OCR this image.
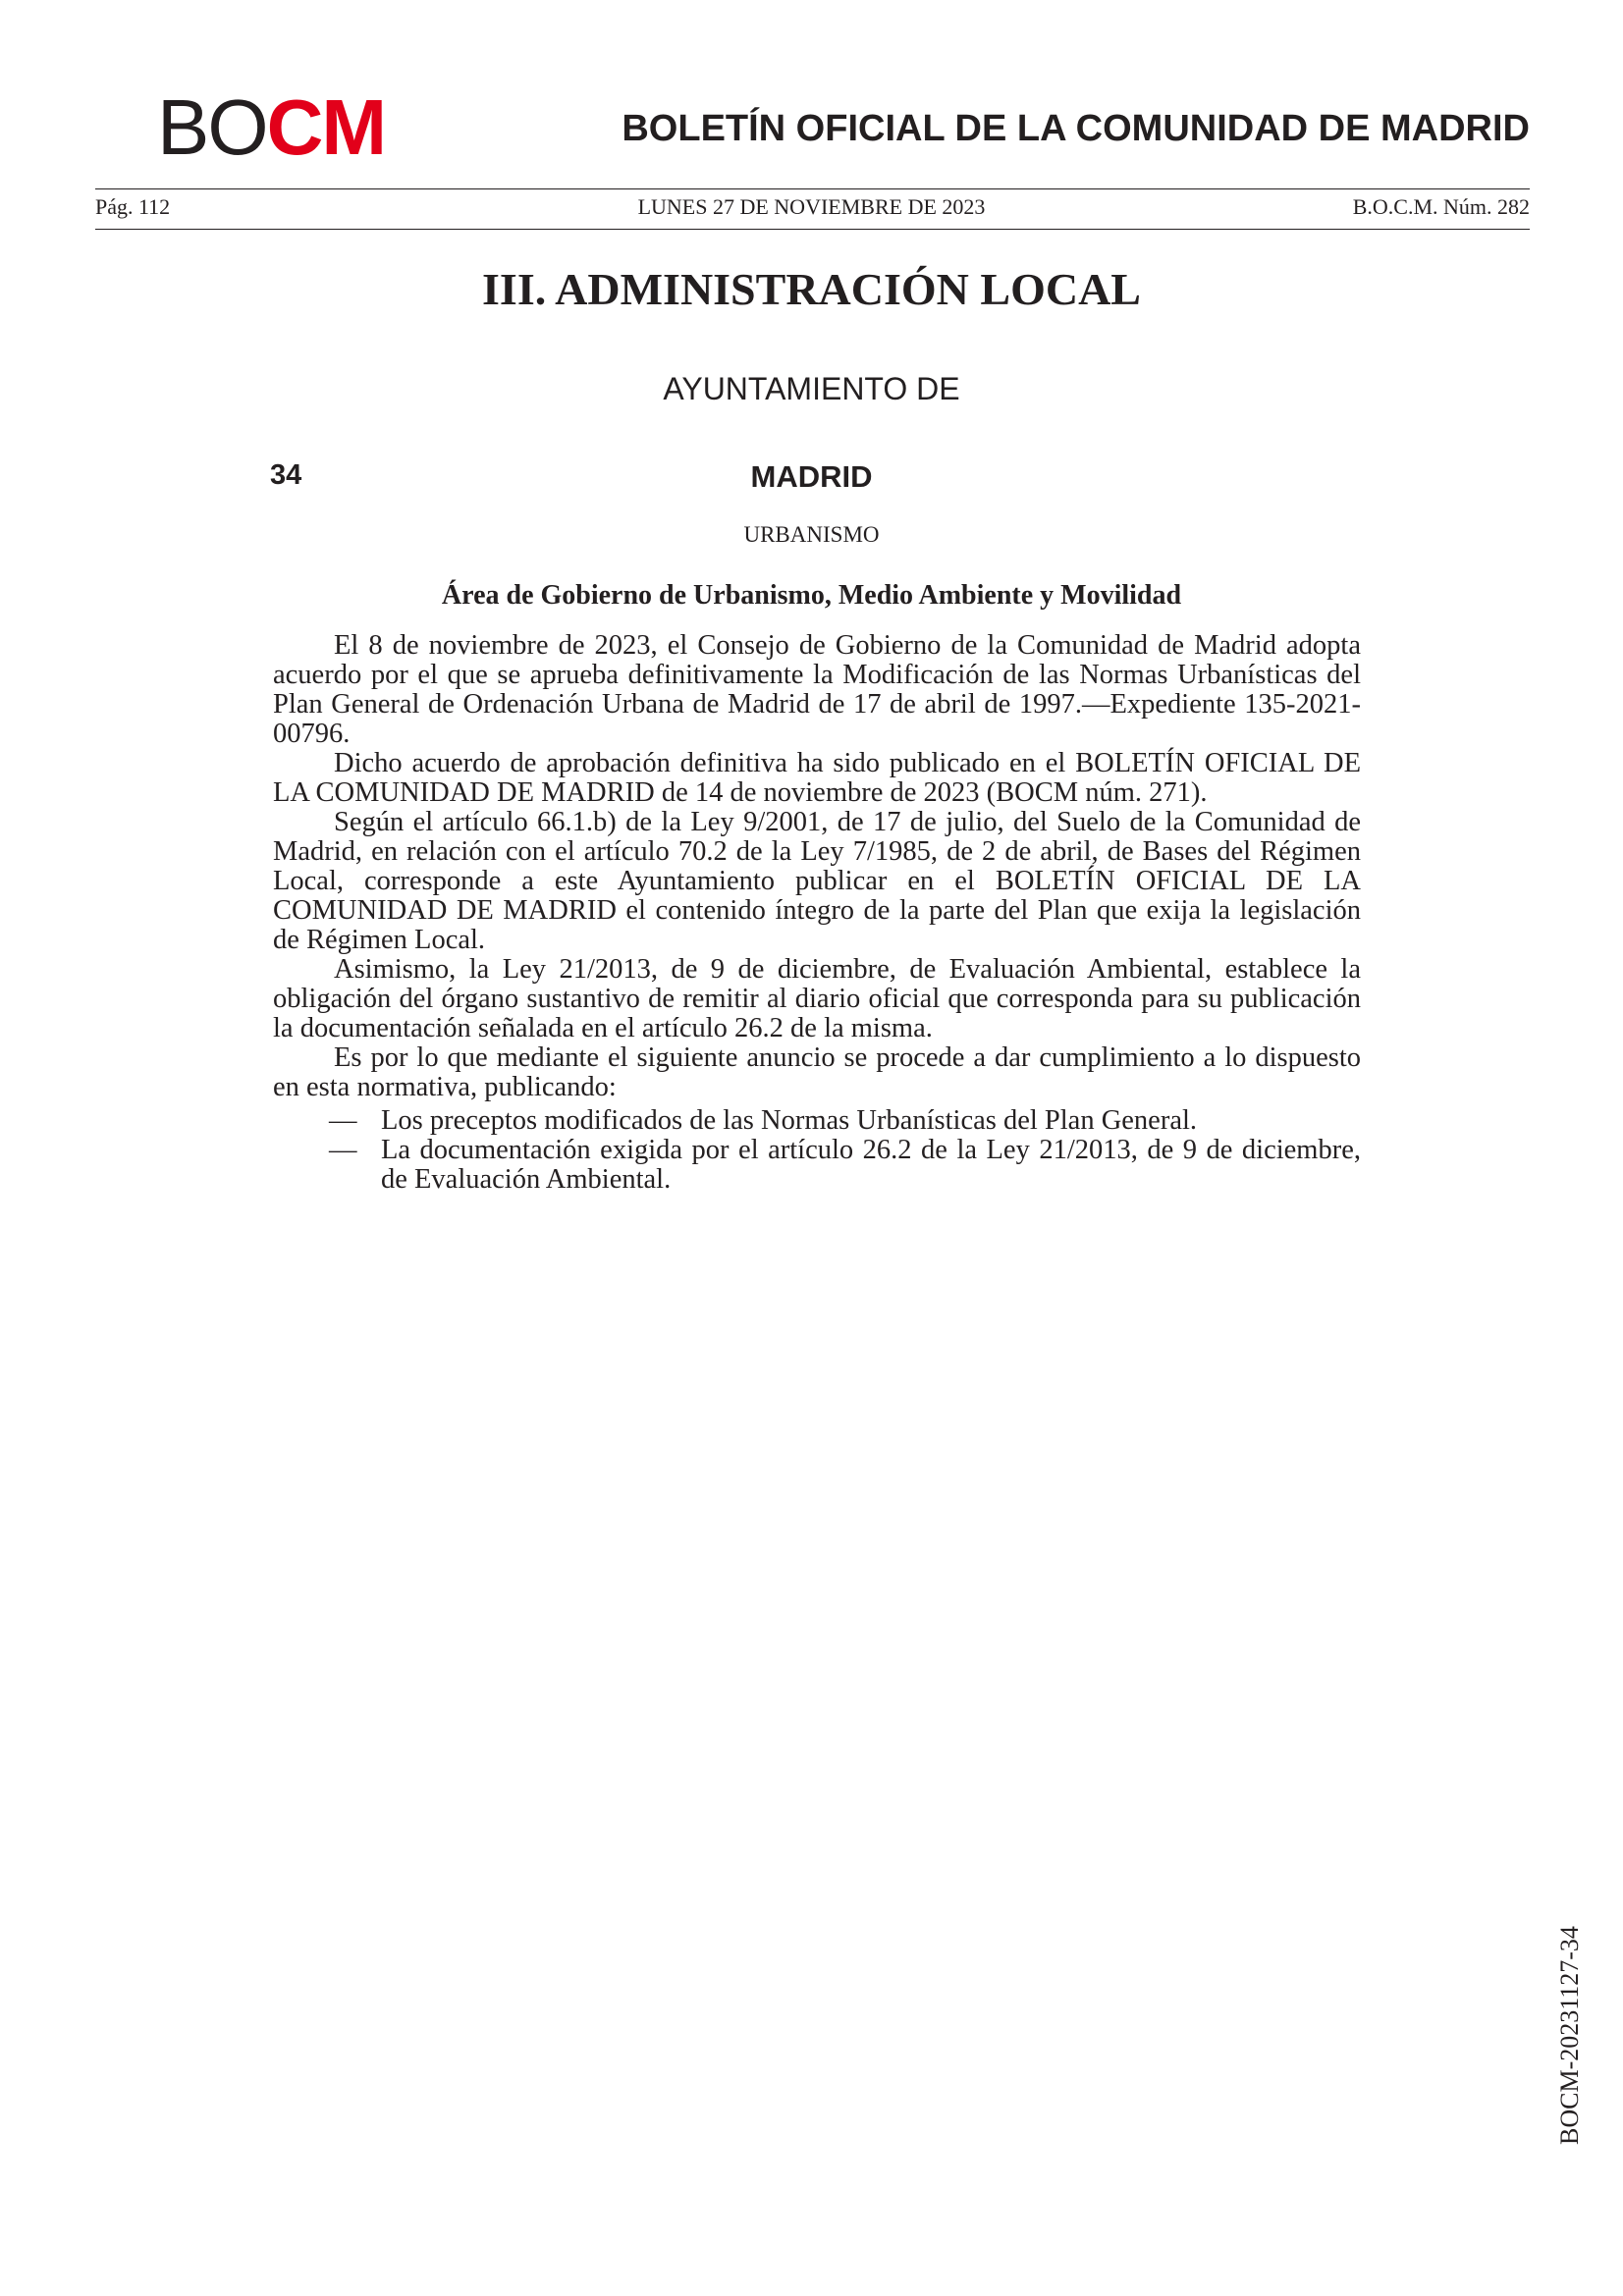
BOCM	BOLETÍN OFICIAL DE LA COMUNIDAD DE MADRID
Pág. 112	LUNES 27 DE NOVIEMBRE DE 2023	B.O.C.M. Núm. 282
III. ADMINISTRACIÓN LOCAL
AYUNTAMIENTO DE
34	MADRID
URBANISMO
Área de Gobierno de Urbanismo, Medio Ambiente y Movilidad

El 8 de noviembre de 2023, el Consejo de Gobierno de la Comunidad de Madrid adopta acuerdo por el que se aprueba definitivamente la Modificación de las Normas Urbanísticas del Plan General de Ordenación Urbana de Madrid de 17 de abril de 1997.—Expediente 135-2021-00796.

Dicho acuerdo de aprobación definitiva ha sido publicado en el BOLETÍN OFICIAL DE LA COMUNIDAD DE MADRID de 14 de noviembre de 2023 (BOCM núm. 271).

Según el artículo 66.1.b) de la Ley 9/2001, de 17 de julio, del Suelo de la Comunidad de Madrid, en relación con el artículo 70.2 de la Ley 7/1985, de 2 de abril, de Bases del Régimen Local, corresponde a este Ayuntamiento publicar en el BOLETÍN OFICIAL DE LA COMUNIDAD DE MADRID el contenido íntegro de la parte del Plan que exija la legislación de Régimen Local.

Asimismo, la Ley 21/2013, de 9 de diciembre, de Evaluación Ambiental, establece la obligación del órgano sustantivo de remitir al diario oficial que corresponda para su publicación la documentación señalada en el artículo 26.2 de la misma.

Es por lo que mediante el siguiente anuncio se procede a dar cumplimiento a lo dispuesto en esta normativa, publicando:

— Los preceptos modificados de las Normas Urbanísticas del Plan General.
— La documentación exigida por el artículo 26.2 de la Ley 21/2013, de 9 de diciembre, de Evaluación Ambiental.
BOCM-20231127-34
